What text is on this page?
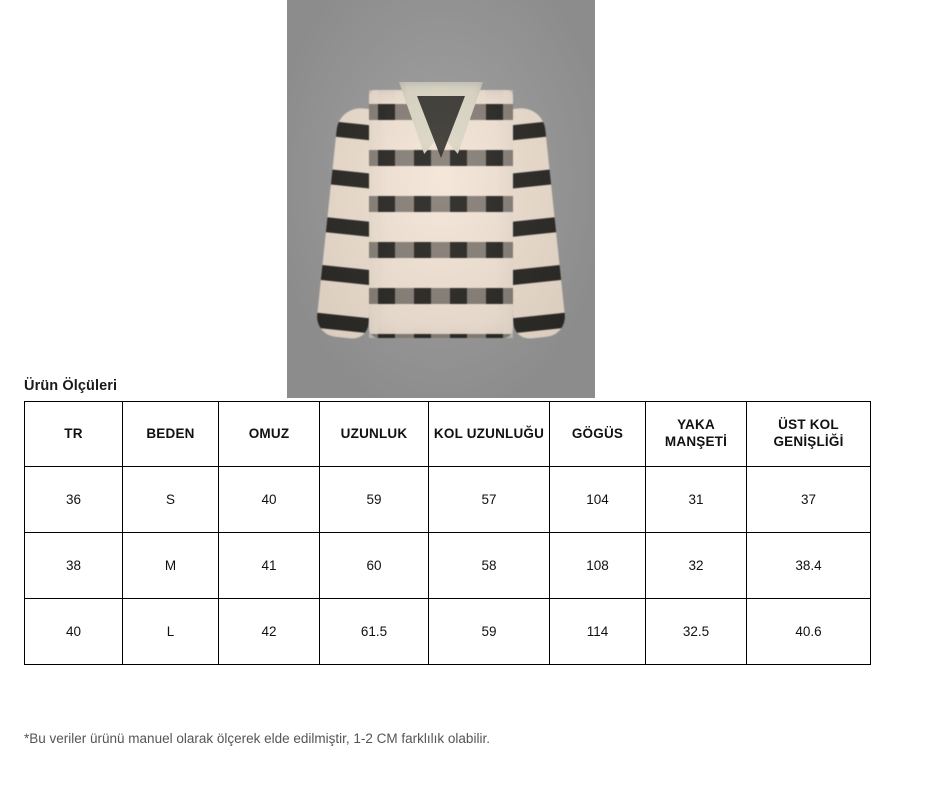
Ürün Ölçüleri
TR	BEDEN	OMUZ	UZUNLUK	KOL UZUNLUĞU	GÖGÜS	YAKA MANŞETİ	ÜST KOL GENİŞLİĞİ
36	S	40	59	57	104	31	37
38	M	41	60	58	108	32	38.4
40	L	42	61.5	59	114	32.5	40.6
*Bu veriler ürünü manuel olarak ölçerek elde edilmiştir, 1-2 CM farklılık olabilir.
